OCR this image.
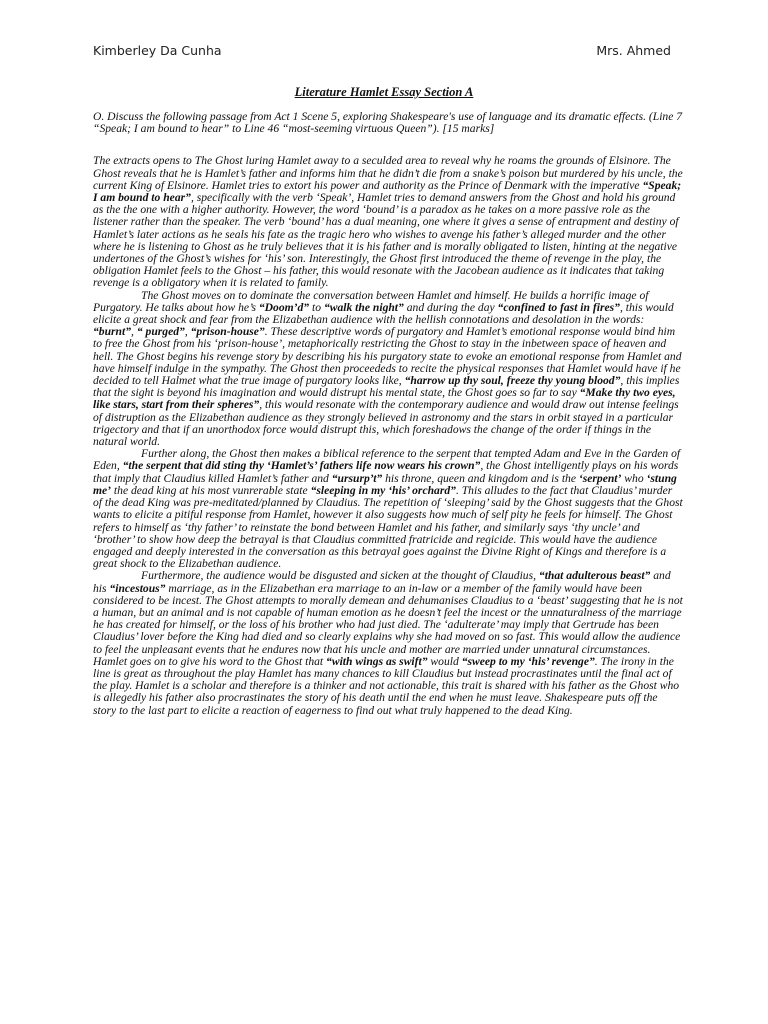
Kimberley Da Cunha	Mrs. Ahmed
Literature Hamlet Essay Section A

O. Discuss the following passage from Act 1 Scene 5, exploring Shakespeare's use of language and its dramatic effects. (Line 7 “Speak; I am bound to hear” to Line 46 “most-seeming virtuous Queen”). [15 marks]

The extracts opens to The Ghost luring Hamlet away to a seculded area to reveal why he roams the grounds of Elsinore. The Ghost reveals that he is Hamlet’s father and informs him that he didn’t die from a snake’s poison but murdered by his uncle, the current King of Elsinore. Hamlet tries to extort his power and authority as the Prince of Denmark with the imperative “Speak; I am bound to hear”, specifically with the verb ‘Speak’, Hamlet tries to demand answers from the Ghost and hold his ground as the the one with a higher authority. However, the word ‘bound’ is a paradox as he takes on a more passive role as the listener rather than the speaker. The verb ‘bound’ has a dual meaning, one where it gives a sense of entrapment and destiny of Hamlet’s later actions as he seals his fate as the tragic hero who wishes to avenge his father’s alleged murder and the other where he is listening to Ghost as he truly believes that it is his father and is morally obligated to listen, hinting at the negative undertones of the Ghost’s wishes for ‘his’ son. Interestingly, the Ghost first introduced the theme of revenge in the play, the obligation Hamlet feels to the Ghost – his father, this would resonate with the Jacobean audience as it indicates that taking revenge is a obligatory when it is related to family.

The Ghost moves on to dominate the conversation between Hamlet and himself. He builds a horrific image of Purgatory. He talks about how he’s “Doom’d” to “walk the night” and during the day “confined to fast in fires”, this would elicite a great shock and fear from the Elizabethan audience with the hellish connotations and desolation in the words: “burnt”, “ purged”, “prison-house”. These descriptive words of purgatory and Hamlet’s emotional response would bind him to free the Ghost from his ‘prison-house’, metaphorically restricting the Ghost to stay in the inbetween space of heaven and hell. The Ghost begins his revenge story by describing his his purgatory state to evoke an emotional response from Hamlet and have himself indulge in the sympathy. The Ghost then proceededs to recite the physical responses that Hamlet would have if he decided to tell Halmet what the true image of purgatory looks like, “harrow up thy soul, freeze thy young blood”, this implies that the sight is beyond his imagination and would distrupt his mental state, the Ghost goes so far to say “Make thy two eyes, like stars, start from their spheres”, this would resonate with the contemporary audience and would draw out intense feelings of distruption as the Elizabethan audience as they strongly believed in astronomy and the stars in orbit stayed in a particular trigectory and that if an unorthodox force would distrupt this, which foreshadows the change of the order if things in the natural world.

Further along, the Ghost then makes a biblical reference to the serpent that tempted Adam and Eve in the Garden of Eden, “the serpent that did sting thy ‘Hamlet’s’ fathers life now wears his crown”, the Ghost intelligently plays on his words that imply that Claudius killed Hamlet’s father and “ursurp’t” his throne, queen and kingdom and is the ‘serpent’ who ‘stung me’ the dead king at his most vunrerable state “sleeping in my ‘his’ orchard”. This alludes to the fact that Claudius’ murder of the dead King was pre-meditated/planned by Claudius. The repetition of ‘sleeping’ said by the Ghost suggests that the Ghost wants to elicite a pitiful response from Hamlet, however it also suggests how much of self pity he feels for himself. The Ghost refers to himself as ‘thy father’ to reinstate the bond between Hamlet and his father, and similarly says ‘thy uncle’ and ‘brother’ to show how deep the betrayal is that Claudius committed fratricide and regicide. This would have the audience engaged and deeply interested in the conversation as this betrayal goes against the Divine Right of Kings and therefore is a great shock to the Elizabethan audience.

Furthermore, the audience would be disgusted and sicken at the thought of Claudius, “that adulterous beast” and his “incestous” marriage, as in the Elizabethan era marriage to an in-law or a member of the family would have been considered to be incest. The Ghost attempts to morally demean and dehumanises Claudius to a ‘beast’ suggesting that he is not a human, but an animal and is not capable of human emotion as he doesn’t feel the incest or the unnaturalness of the marriage he has created for himself, or the loss of his brother who had just died. The ‘adulterate’ may imply that Gertrude has been Claudius’ lover before the King had died and so clearly explains why she had moved on so fast. This would allow the audience to feel the unpleasant events that he endures now that his uncle and mother are married under unnatural circumstances. Hamlet goes on to give his word to the Ghost that “with wings as swift” would “sweep to my ‘his’ revenge”. The irony in the line is great as throughout the play Hamlet has many chances to kill Claudius but instead procrastinates until the final act of the play. Hamlet is a scholar and therefore is a thinker and not actionable, this trait is shared with his father as the Ghost who is allegedly his father also procrastinates the story of his death until the end when he must leave. Shakespeare puts off the story to the last part to elicite a reaction of eagerness to find out what truly happened to the dead King.
